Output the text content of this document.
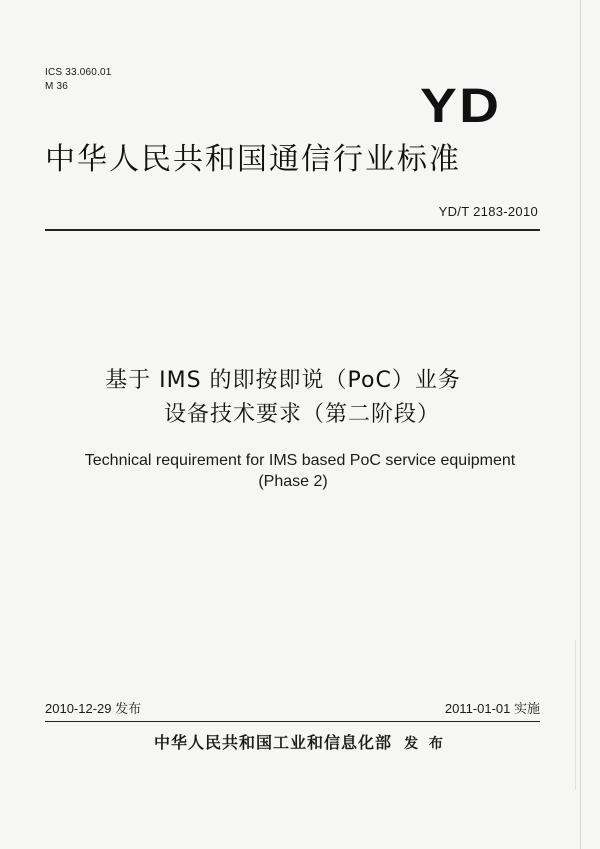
ICS 33.060.01
M 36	YD
中华人民共和国通信行业标准
YD/T 2183-2010
基于 IMS 的即按即说（PoC）业务
设备技术要求（第二阶段）
Technical requirement for IMS based PoC service equipment
(Phase 2)
2010-12-29 发布	2011-01-01 实施
中华人民共和国工业和信息化部 发 布
